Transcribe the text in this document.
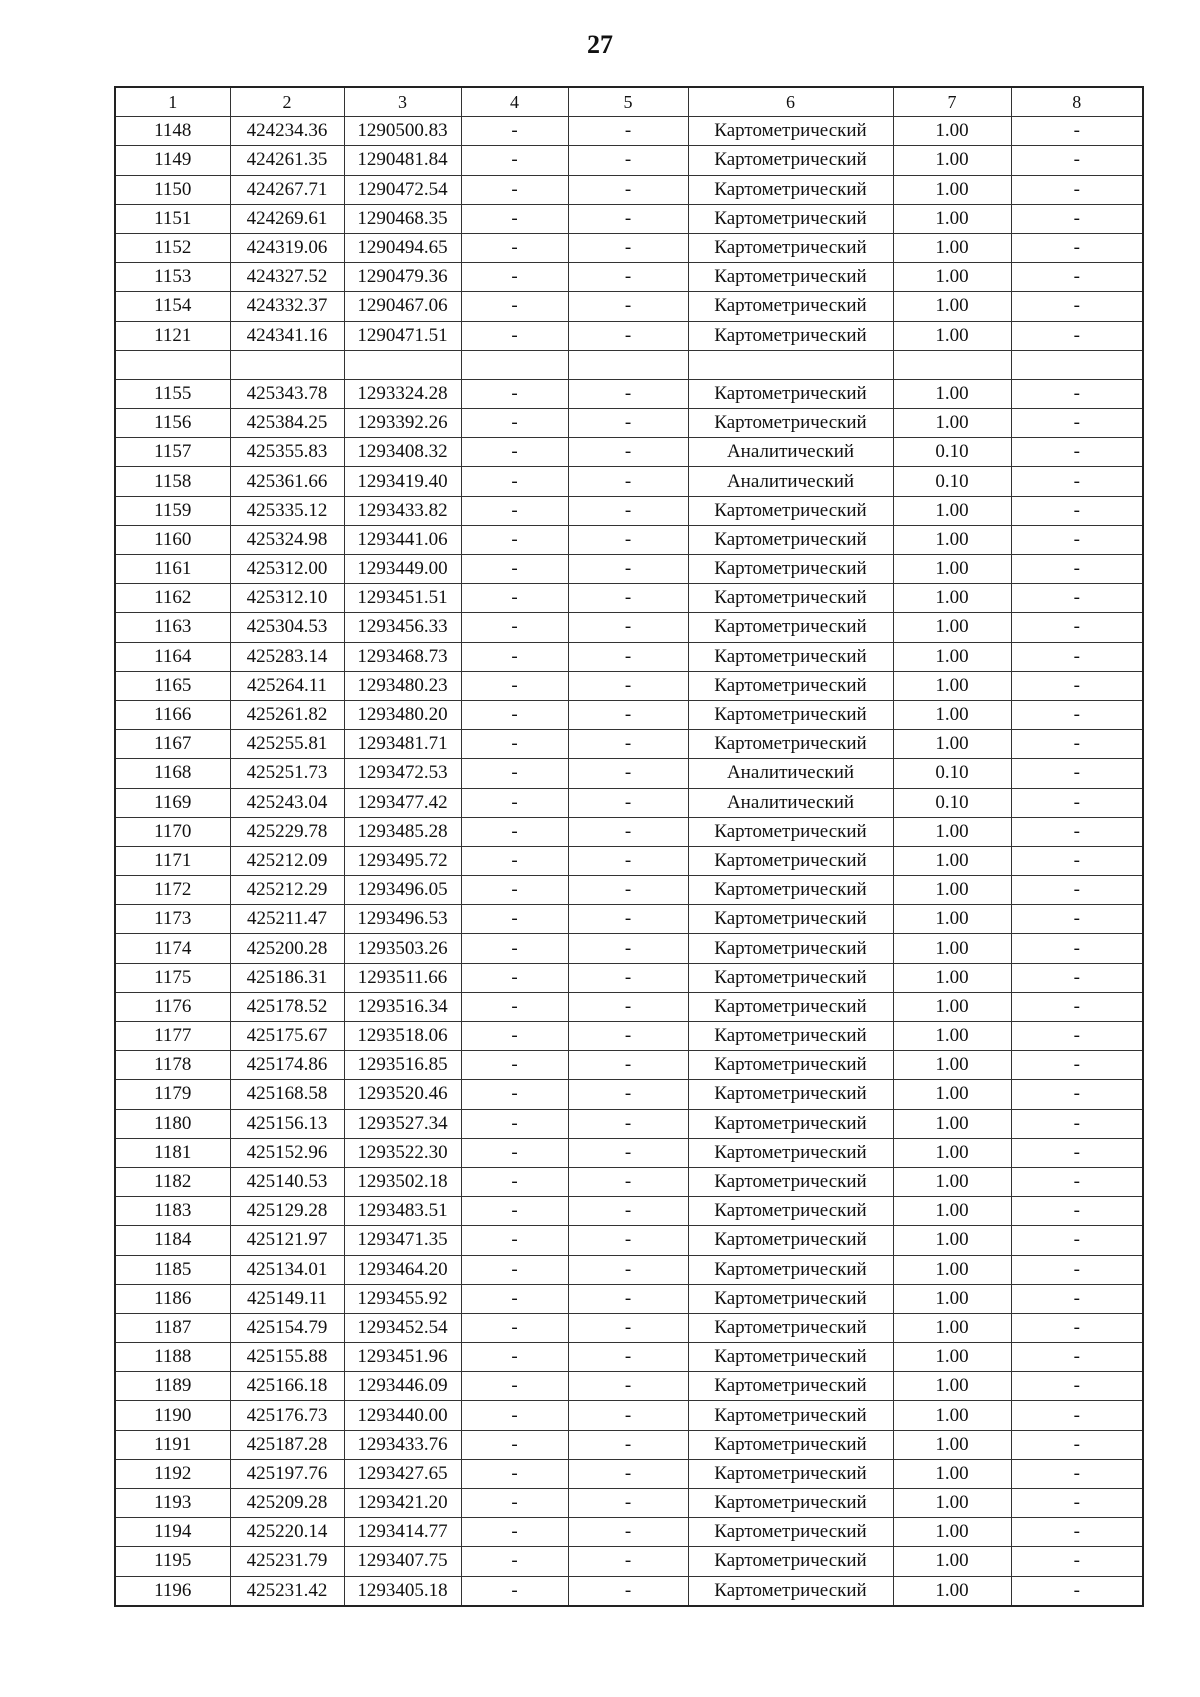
27
1	2	3	4	5	6	7	8
1148	424234.36	1290500.83	-	-	Картометрический	1.00	-
1149	424261.35	1290481.84	-	-	Картометрический	1.00	-
1150	424267.71	1290472.54	-	-	Картометрический	1.00	-
1151	424269.61	1290468.35	-	-	Картометрический	1.00	-
1152	424319.06	1290494.65	-	-	Картометрический	1.00	-
1153	424327.52	1290479.36	-	-	Картометрический	1.00	-
1154	424332.37	1290467.06	-	-	Картометрический	1.00	-
1121	424341.16	1290471.51	-	-	Картометрический	1.00	-

1155	425343.78	1293324.28	-	-	Картометрический	1.00	-
1156	425384.25	1293392.26	-	-	Картометрический	1.00	-
1157	425355.83	1293408.32	-	-	Аналитический	0.10	-
1158	425361.66	1293419.40	-	-	Аналитический	0.10	-
1159	425335.12	1293433.82	-	-	Картометрический	1.00	-
1160	425324.98	1293441.06	-	-	Картометрический	1.00	-
1161	425312.00	1293449.00	-	-	Картометрический	1.00	-
1162	425312.10	1293451.51	-	-	Картометрический	1.00	-
1163	425304.53	1293456.33	-	-	Картометрический	1.00	-
1164	425283.14	1293468.73	-	-	Картометрический	1.00	-
1165	425264.11	1293480.23	-	-	Картометрический	1.00	-
1166	425261.82	1293480.20	-	-	Картометрический	1.00	-
1167	425255.81	1293481.71	-	-	Картометрический	1.00	-
1168	425251.73	1293472.53	-	-	Аналитический	0.10	-
1169	425243.04	1293477.42	-	-	Аналитический	0.10	-
1170	425229.78	1293485.28	-	-	Картометрический	1.00	-
1171	425212.09	1293495.72	-	-	Картометрический	1.00	-
1172	425212.29	1293496.05	-	-	Картометрический	1.00	-
1173	425211.47	1293496.53	-	-	Картометрический	1.00	-
1174	425200.28	1293503.26	-	-	Картометрический	1.00	-
1175	425186.31	1293511.66	-	-	Картометрический	1.00	-
1176	425178.52	1293516.34	-	-	Картометрический	1.00	-
1177	425175.67	1293518.06	-	-	Картометрический	1.00	-
1178	425174.86	1293516.85	-	-	Картометрический	1.00	-
1179	425168.58	1293520.46	-	-	Картометрический	1.00	-
1180	425156.13	1293527.34	-	-	Картометрический	1.00	-
1181	425152.96	1293522.30	-	-	Картометрический	1.00	-
1182	425140.53	1293502.18	-	-	Картометрический	1.00	-
1183	425129.28	1293483.51	-	-	Картометрический	1.00	-
1184	425121.97	1293471.35	-	-	Картометрический	1.00	-
1185	425134.01	1293464.20	-	-	Картометрический	1.00	-
1186	425149.11	1293455.92	-	-	Картометрический	1.00	-
1187	425154.79	1293452.54	-	-	Картометрический	1.00	-
1188	425155.88	1293451.96	-	-	Картометрический	1.00	-
1189	425166.18	1293446.09	-	-	Картометрический	1.00	-
1190	425176.73	1293440.00	-	-	Картометрический	1.00	-
1191	425187.28	1293433.76	-	-	Картометрический	1.00	-
1192	425197.76	1293427.65	-	-	Картометрический	1.00	-
1193	425209.28	1293421.20	-	-	Картометрический	1.00	-
1194	425220.14	1293414.77	-	-	Картометрический	1.00	-
1195	425231.79	1293407.75	-	-	Картометрический	1.00	-
1196	425231.42	1293405.18	-	-	Картометрический	1.00	-
